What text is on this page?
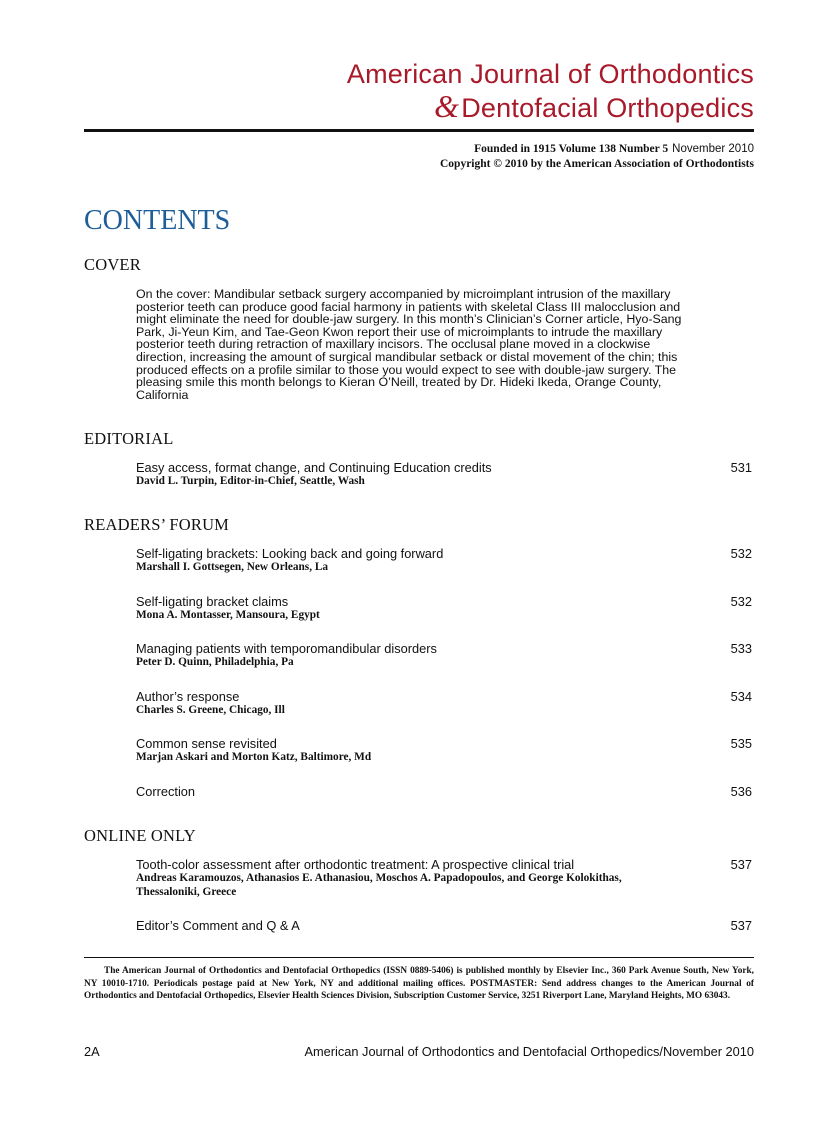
American Journal of Orthodontics
&Dentofacial Orthopedics
Founded in 1915 Volume 138 Number 5 November 2010
Copyright © 2010 by the American Association of Orthodontists
CONTENTS
COVER

On the cover: Mandibular setback surgery accompanied by microimplant intrusion of the maxillary posterior teeth can produce good facial harmony in patients with skeletal Class III malocclusion and might eliminate the need for double-jaw surgery. In this month’s Clinician’s Corner article, Hyo-Sang Park, Ji-Yeun Kim, and Tae-Geon Kwon report their use of microimplants to intrude the maxillary posterior teeth during retraction of maxillary incisors. The occlusal plane moved in a clockwise direction, increasing the amount of surgical mandibular setback or distal movement of the chin; this produced effects on a profile similar to those you would expect to see with double-jaw surgery. The pleasing smile this month belongs to Kieran O’Neill, treated by Dr. Hideki Ikeda, Orange County, California

EDITORIAL
Easy access, format change, and Continuing Education credits
David L. Turpin, Editor-in-Chief, Seattle, Wash
531
READERS’ FORUM
Self-ligating brackets: Looking back and going forward
Marshall I. Gottsegen, New Orleans, La
532
Self-ligating bracket claims
Mona A. Montasser, Mansoura, Egypt
532
Managing patients with temporomandibular disorders
Peter D. Quinn, Philadelphia, Pa
533
Author’s response
Charles S. Greene, Chicago, Ill
534
Common sense revisited
Marjan Askari and Morton Katz, Baltimore, Md
535
Correction	536
ONLINE ONLY
Tooth-color assessment after orthodontic treatment: A prospective clinical trial
Andreas Karamouzos, Athanasios E. Athanasiou, Moschos A. Papadopoulos, and George Kolokithas, Thessaloniki, Greece
537
Editor’s Comment and Q & A	537

The American Journal of Orthodontics and Dentofacial Orthopedics (ISSN 0889-5406) is published monthly by Elsevier Inc., 360 Park Avenue South, New York, NY 10010-1710. Periodicals postage paid at New York, NY and additional mailing offices. POSTMASTER: Send address changes to the American Journal of Orthodontics and Dentofacial Orthopedics, Elsevier Health Sciences Division, Subscription Customer Service, 3251 Riverport Lane, Maryland Heights, MO 63043.

2A	American Journal of Orthodontics and Dentofacial Orthopedics/November 2010
